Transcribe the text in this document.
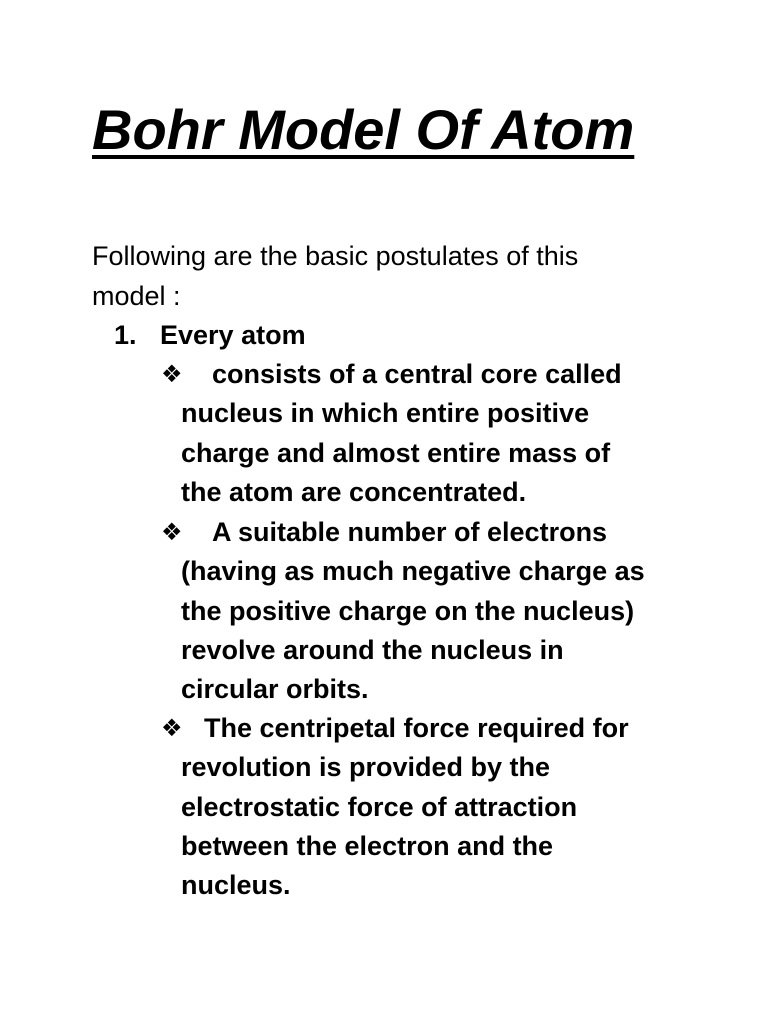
Bohr Model Of Atom

Following are the basic postulates of this model :

1. Every atom
❖ consists of a central core called
nucleus in which entire positive
charge and almost entire mass of
the atom are concentrated.
❖ A suitable number of electrons
(having as much negative charge as
the positive charge on the nucleus)
revolve around the nucleus in
circular orbits.
❖ The centripetal force required for
revolution is provided by the
electrostatic force of attraction
between the electron and the
nucleus.
